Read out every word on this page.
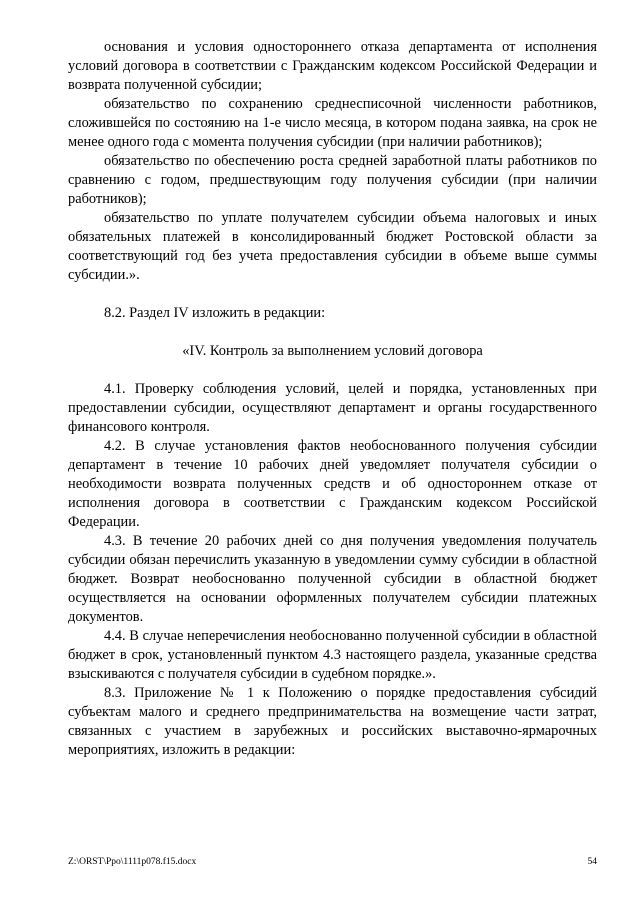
основания и условия одностороннего отказа департамента от исполнения условий договора в соответствии с Гражданским кодексом Российской Федерации и возврата полученной субсидии;

обязательство по сохранению среднесписочной численности работников, сложившейся по состоянию на 1-е число месяца, в котором подана заявка, на срок не менее одного года с момента получения субсидии (при наличии работников);

обязательство по обеспечению роста средней заработной платы работников по сравнению с годом, предшествующим году получения субсидии (при наличии работников);

обязательство по уплате получателем субсидии объема налоговых и иных обязательных платежей в консолидированный бюджет Ростовской области за соответствующий год без учета предоставления субсидии в объеме выше суммы субсидии.».

8.2. Раздел IV изложить в редакции:

«IV. Контроль за выполнением условий договора

4.1. Проверку соблюдения условий, целей и порядка, установленных при предоставлении субсидии, осуществляют департамент и органы государственного финансового контроля.

4.2. В случае установления фактов необоснованного получения субсидии департамент в течение 10 рабочих дней уведомляет получателя субсидии о необходимости возврата полученных средств и об одностороннем отказе от исполнения договора в соответствии с Гражданским кодексом Российской Федерации.

4.3. В течение 20 рабочих дней со дня получения уведомления получатель субсидии обязан перечислить указанную в уведомлении сумму субсидии в областной бюджет. Возврат необоснованно полученной субсидии в областной бюджет осуществляется на основании оформленных получателем субсидии платежных документов.

4.4. В случае неперечисления необоснованно полученной субсидии в областной бюджет в срок, установленный пунктом 4.3 настоящего раздела, указанные средства взыскиваются с получателя субсидии в судебном порядке.».

8.3. Приложение № 1 к Положению о порядке предоставления субсидий субъектам малого и среднего предпринимательства на возмещение части затрат, связанных с участием в зарубежных и российских выставочно-ярмарочных мероприятиях, изложить в редакции:

Z:\ORST\Ppo\1111p078.f15.docx	54
